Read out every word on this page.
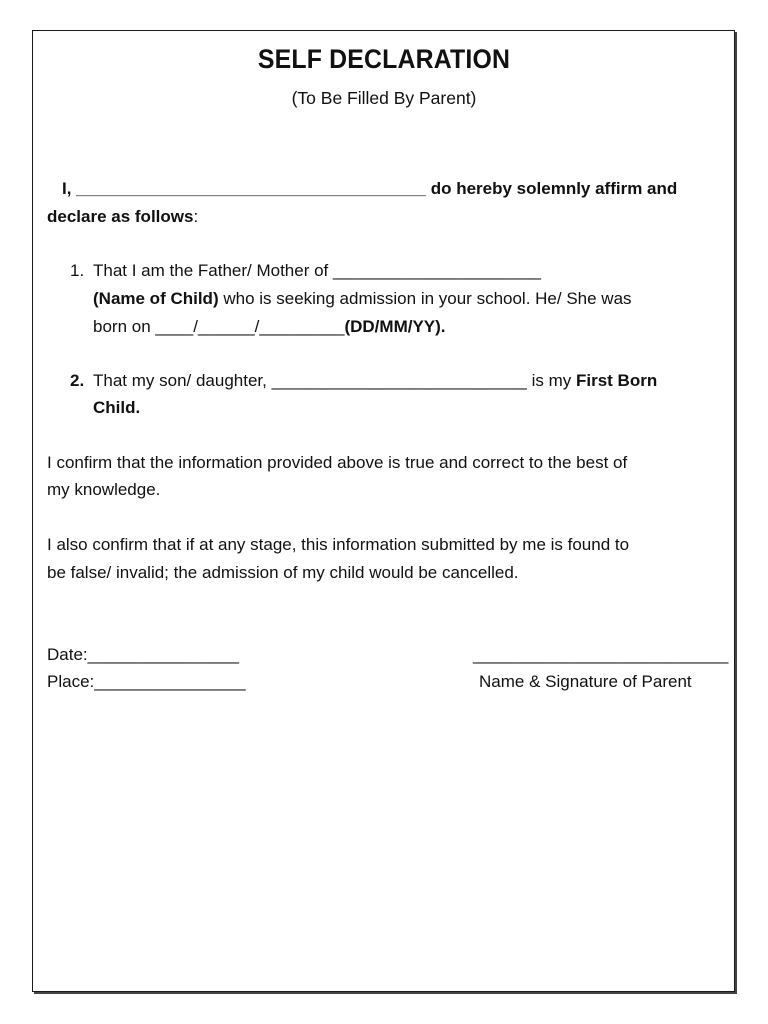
SELF DECLARATION
(To Be Filled By Parent)
I, _____________________________________ do hereby solemnly affirm and
declare as follows:
1. That I am the Father/ Mother of ______________________
(Name of Child) who is seeking admission in your school. He/ She was
born on ____/______/_________(DD/MM/YY).
2. That my son/ daughter, ___________________________ is my First Born
Child.
I confirm that the information provided above is true and correct to the best of
my knowledge.
I also confirm that if at any stage, this information submitted by me is found to
be false/ invalid; the admission of my child would be cancelled.
Date:________________
Place:________________
___________________________
Name & Signature of Parent
